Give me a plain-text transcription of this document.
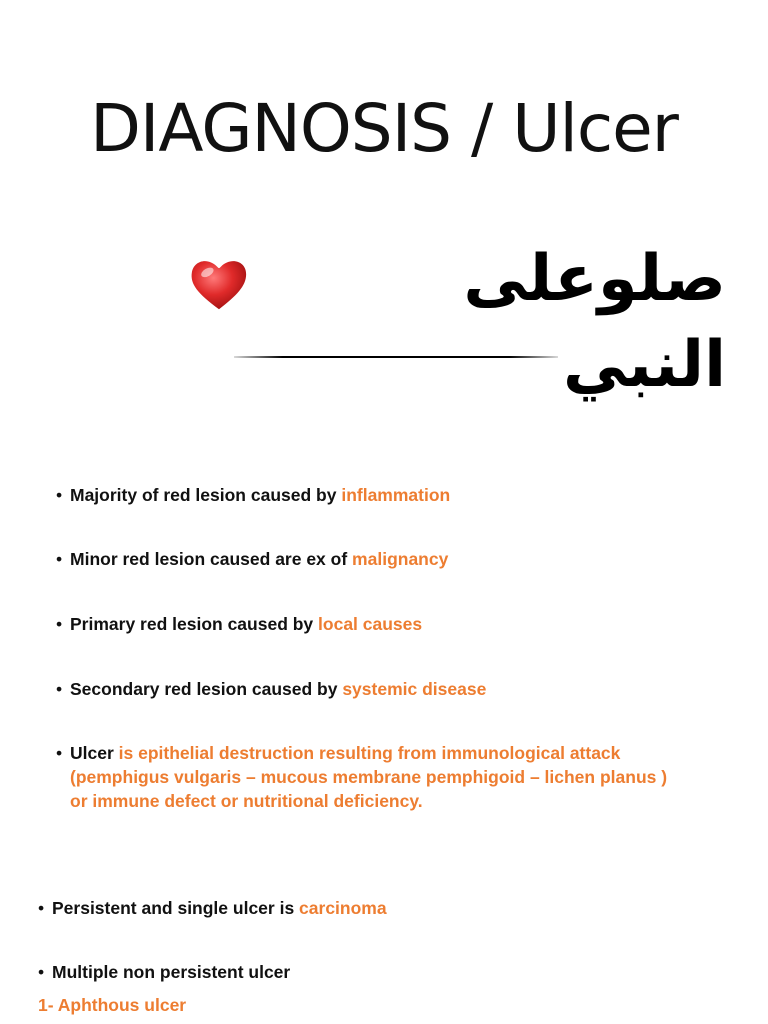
DIAGNOSIS / Ulcer
صلوعلى النبي
• Majority of red lesion caused by inflammation
• Minor red lesion caused are ex of malignancy
• Primary red lesion caused by local causes
• Secondary red lesion caused by systemic disease
• Ulcer is epithelial destruction resulting from immunological attack
(pemphigus vulgaris – mucous membrane pemphigoid – lichen planus )
or immune defect or nutritional deficiency.
• Persistent and single ulcer is carcinoma
• Multiple non persistent ulcer
1- Aphthous ulcer
